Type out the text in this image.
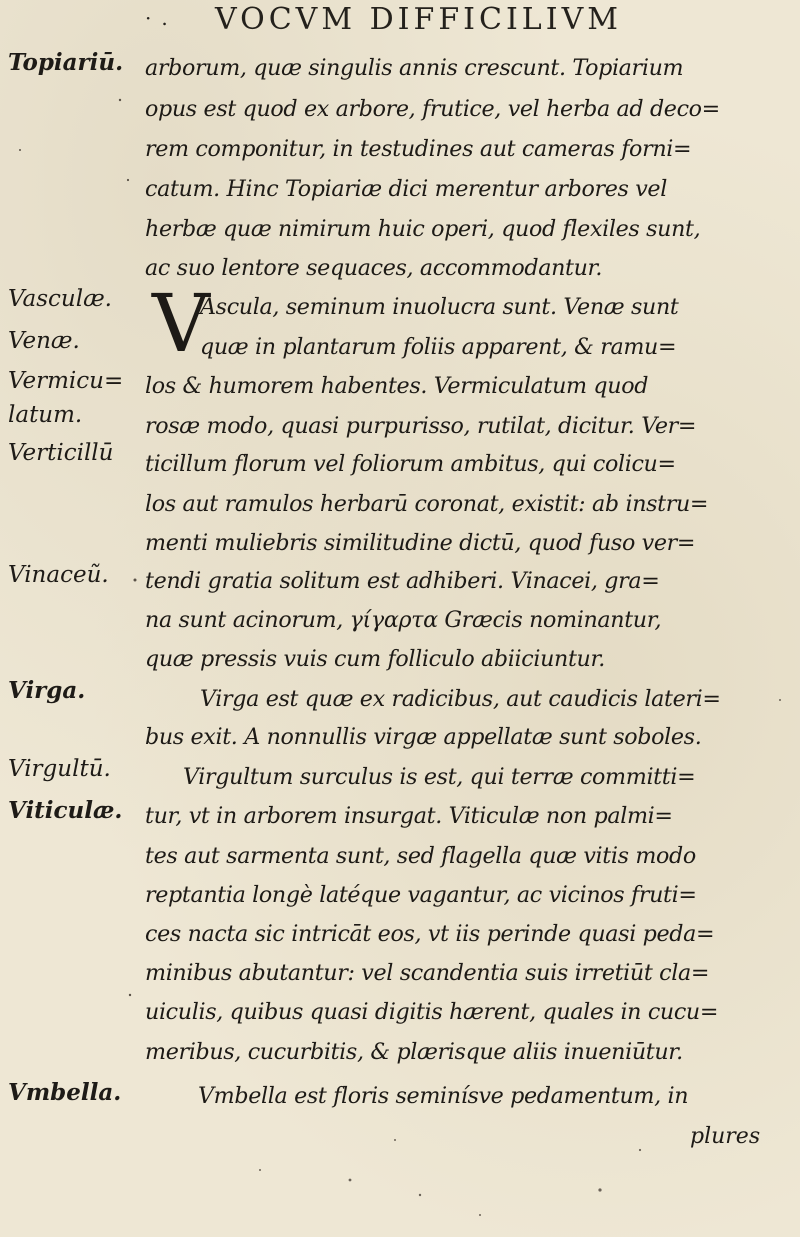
·. VOCVM DIFFICILIVM
Topiariū.
Vasculæ.
Venæ.
Vermicu=
latum.
Verticillū
Vinaceũ.
Virga.
Virgultū.
Viticulæ.
Vmbella.
V
arborum, quæ singulis annis crescunt. Topiarium
opus est quod ex arbore, frutice, vel herba ad deco=
rem componitur, in testudines aut cameras forni=
catum. Hinc Topiariæ dici merentur arbores vel
herbæ quæ nimirum huic operi, quod flexiles sunt,
ac suo lentore sequaces, accommodantur.
Ascula, seminum inuolucra sunt. Venæ sunt
quæ in plantarum foliis apparent, & ramu=
los & humorem habentes. Vermiculatum quod
rosæ modo, quasi purpurisso, rutilat, dicitur. Ver=
ticillum florum vel foliorum ambitus, qui colicu=
los aut ramulos herbarū coronat, existit: ab instru=
menti muliebris similitudine dictū, quod fuso ver=
tendi gratia solitum est adhiberi. Vinacei, gra=
na sunt acinorum, γίγαρτα Græcis nominantur,
quæ pressis vuis cum folliculo abiiciuntur.
Virga est quæ ex radicibus, aut caudicis lateri=
bus exit. A nonnullis virgæ appellatæ sunt soboles.
Virgultum surculus is est, qui terræ committi=
tur, vt in arborem insurgat. Viticulæ non palmi=
tes aut sarmenta sunt, sed flagella quæ vitis modo
reptantia longè latéque vagantur, ac vicinos fruti=
ces nacta sic intricāt eos, vt iis perinde quasi peda=
minibus abutantur: vel scandentia suis irretiūt cla=
uiculis, quibus quasi digitis hærent, quales in cucu=
meribus, cucurbitis, & plærisque aliis inueniūtur.
Vmbella est floris seminísve pedamentum, in
plures
